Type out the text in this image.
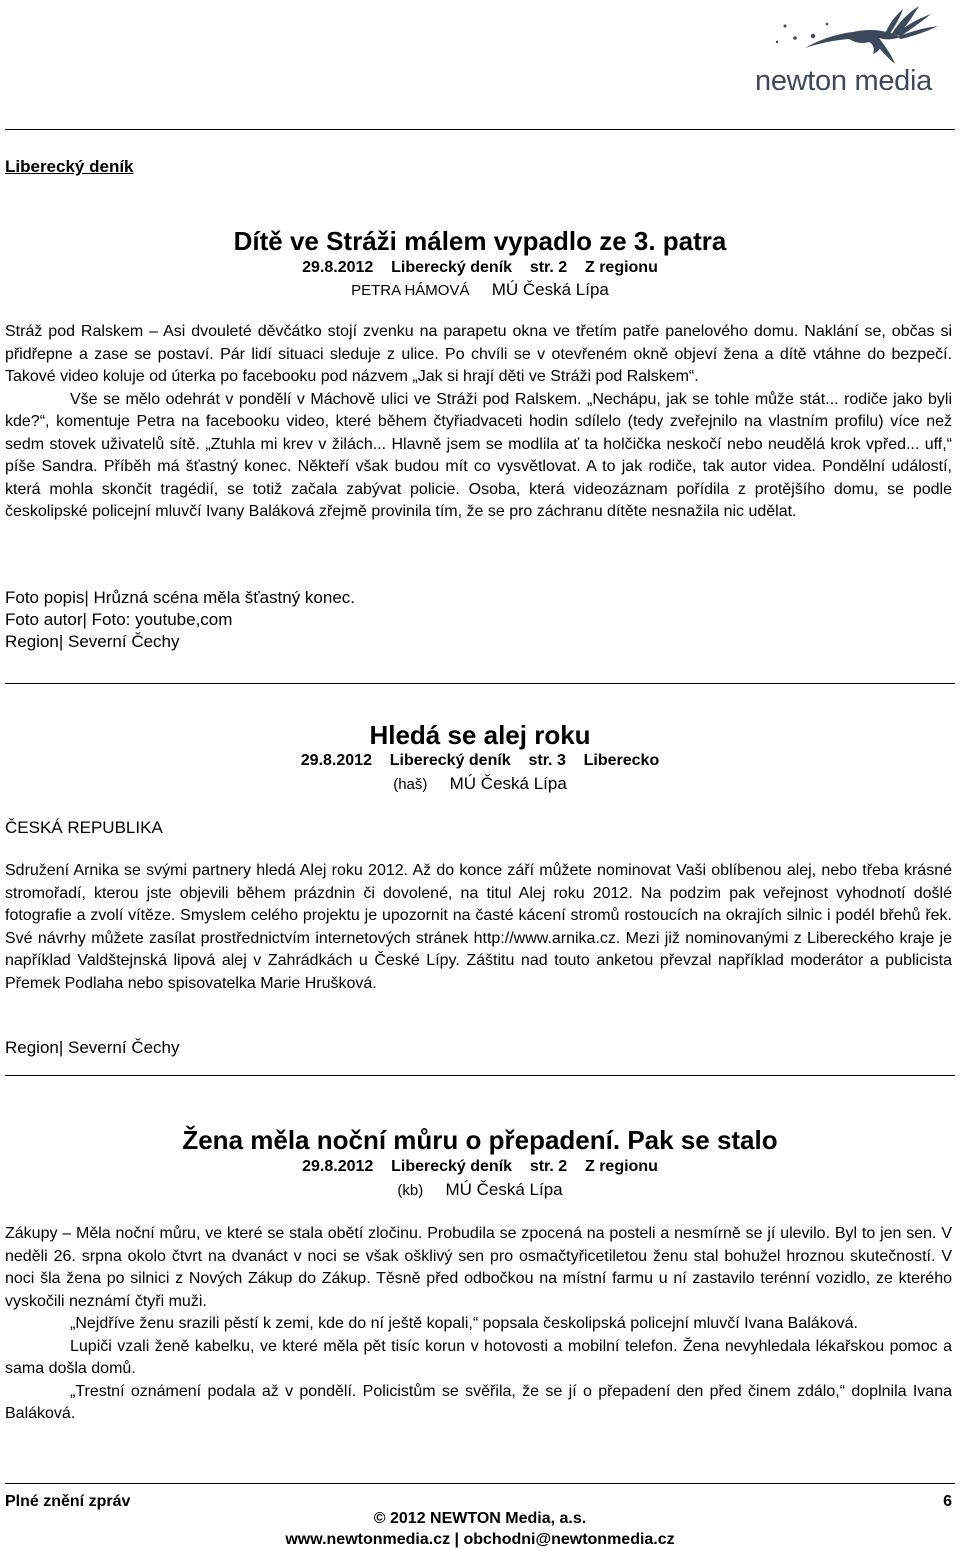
newton media
Liberecký deník
Dítě ve Stráži málem vypadlo ze 3. patra
29.8.2012 Liberecký deník str. 2 Z regionu
PETRA HÁMOVÁ MÚ Česká Lípa

Stráž pod Ralskem – Asi dvouleté děvčátko stojí zvenku na parapetu okna ve třetím patře panelového domu. Naklání se, občas si přidřepne a zase se postaví. Pár lidí situaci sleduje z ulice. Po chvíli se v otevřeném okně objeví žena a dítě vtáhne do bezpečí. Takové video koluje od úterka po facebooku pod názvem „Jak si hrají děti ve Stráži pod Ralskem“.

Vše se mělo odehrát v pondělí v Máchově ulici ve Stráži pod Ralskem. „Nechápu, jak se tohle může stát... rodiče jako byli kde?“, komentuje Petra na facebooku video, které během čtyřiadvaceti hodin sdílelo (tedy zveřejnilo na vlastním profilu) více než sedm stovek uživatelů sítě. „Ztuhla mi krev v žilách... Hlavně jsem se modlila ať ta holčička neskočí nebo neudělá krok vpřed... uff,“ píše Sandra. Příběh má šťastný konec. Někteří však budou mít co vysvětlovat. A to jak rodiče, tak autor videa. Pondělní událostí, která mohla skončit tragédií, se totiž začala zabývat policie. Osoba, která videozáznam pořídila z protějšího domu, se podle českolipské policejní mluvčí Ivany Baláková zřejmě provinila tím, že se pro záchranu dítěte nesnažila nic udělat.

Foto popis| Hrůzná scéna měla šťastný konec.
Foto autor| Foto: youtube,com
Region| Severní Čechy
Hledá se alej roku
29.8.2012 Liberecký deník str. 3 Liberecko
(haš) MÚ Česká Lípa
ČESKÁ REPUBLIKA

Sdružení Arnika se svými partnery hledá Alej roku 2012. Až do konce září můžete nominovat Vaši oblíbenou alej, nebo třeba krásné stromořadí, kterou jste objevili během prázdnin či dovolené, na titul Alej roku 2012. Na podzim pak veřejnost vyhodnotí došlé fotografie a zvolí vítěze. Smyslem celého projektu je upozornit na časté kácení stromů rostoucích na okrajích silnic i podél břehů řek. Své návrhy můžete zasílat prostřednictvím internetových stránek http://www.arnika.cz. Mezi již nominovanými z Libereckého kraje je například Valdštejnská lipová alej v Zahrádkách u České Lípy. Záštitu nad touto anketou převzal například moderátor a publicista Přemek Podlaha nebo spisovatelka Marie Hrušková.

Region| Severní Čechy
Žena měla noční můru o přepadení. Pak se stalo
29.8.2012 Liberecký deník str. 2 Z regionu
(kb) MÚ Česká Lípa

Zákupy – Měla noční můru, ve které se stala obětí zločinu. Probudila se zpocená na posteli a nesmírně se jí ulevilo. Byl to jen sen. V neděli 26. srpna okolo čtvrt na dvanáct v noci se však ošklivý sen pro osmačtyřicetiletou ženu stal bohužel hroznou skutečností. V noci šla žena po silnici z Nových Zákup do Zákup. Těsně před odbočkou na místní farmu u ní zastavilo terénní vozidlo, ze kterého vyskočili neznámí čtyři muži.

„Nejdříve ženu srazili pěstí k zemi, kde do ní ještě kopali,“ popsala českolipská policejní mluvčí Ivana Baláková.

Lupiči vzali ženě kabelku, ve které měla pět tisíc korun v hotovosti a mobilní telefon. Žena nevyhledala lékařskou pomoc a sama došla domů.

„Trestní oznámení podala až v pondělí. Policistům se svěřila, že se jí o přepadení den před činem zdálo,“ doplnila Ivana Baláková.

Plné znění zpráv	6
© 2012 NEWTON Media, a.s.
www.newtonmedia.cz | obchodni@newtonmedia.cz
